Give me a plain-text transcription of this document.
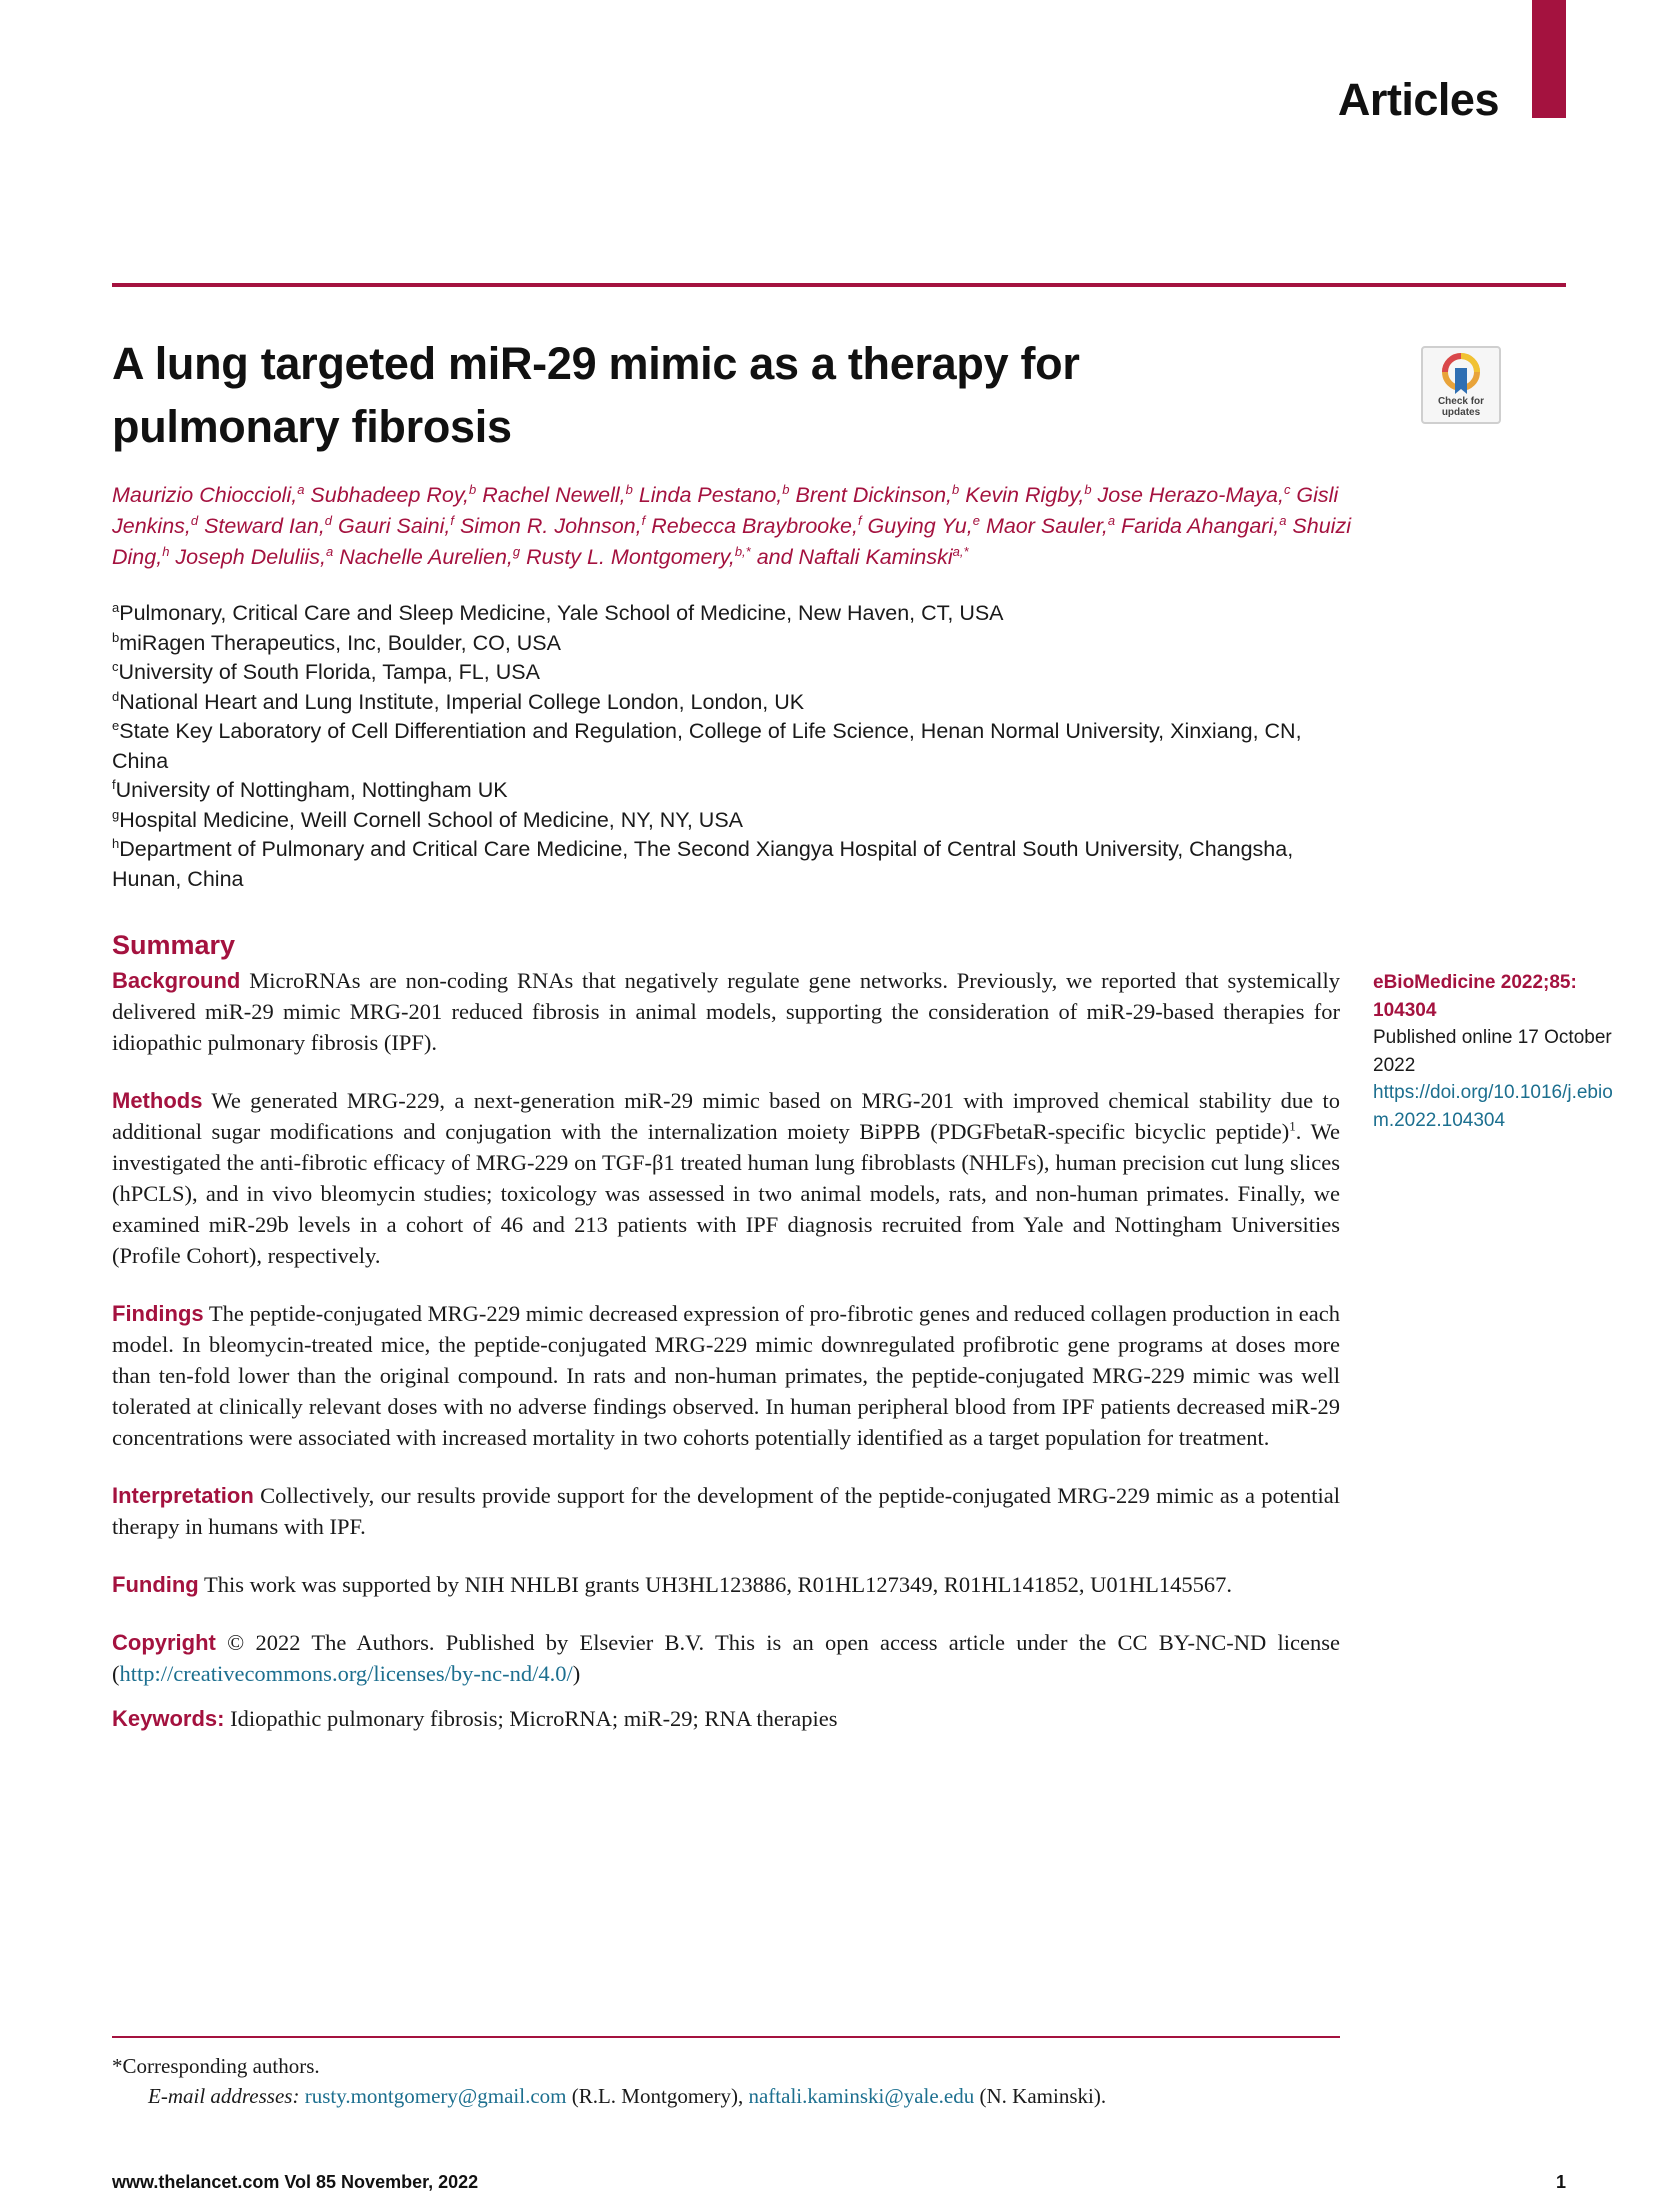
Articles
A lung targeted miR-29 mimic as a therapy for
pulmonary fibrosis	Check for
updates
Maurizio Chioccioli,$^a$ Subhadeep Roy,$^b$ Rachel Newell,$^b$ Linda Pestano,$^b$ Brent Dickinson,$^b$ Kevin Rigby,$^b$ Jose Herazo-Maya,$^c$ Gisli Jenkins,$^d$ Steward Ian,$^d$ Gauri Saini,$^f$ Simon R. Johnson,$^f$ Rebecca Braybrooke,$^f$ Guying Yu,$^e$ Maor Sauler,$^a$ Farida Ahangari,$^a$ Shuizi Ding,$^h$ Joseph Deluliis,$^a$ Nachelle Aurelien,$^g$ Rusty L. Montgomery,$^{b,*}$ and Naftali Kaminski$^{a,*}$
$^a$Pulmonary, Critical Care and Sleep Medicine, Yale School of Medicine, New Haven, CT, USA
$^b$miRagen Therapeutics, Inc, Boulder, CO, USA
$^c$University of South Florida, Tampa, FL, USA
$^d$National Heart and Lung Institute, Imperial College London, London, UK
$^e$State Key Laboratory of Cell Differentiation and Regulation, College of Life Science, Henan Normal University, Xinxiang, CN, China
$^f$University of Nottingham, Nottingham UK
$^g$Hospital Medicine, Weill Cornell School of Medicine, NY, NY, USA
$^h$Department of Pulmonary and Critical Care Medicine, The Second Xiangya Hospital of Central South University, Changsha, Hunan, China
Summary

Background MicroRNAs are non-coding RNAs that negatively regulate gene networks. Previously, we reported that systemically delivered miR-29 mimic MRG-201 reduced fibrosis in animal models, supporting the consideration of miR-29-based therapies for idiopathic pulmonary fibrosis (IPF).

Methods We generated MRG-229, a next-generation miR-29 mimic based on MRG-201 with improved chemical stability due to additional sugar modifications and conjugation with the internalization moiety BiPPB (PDGFbetaR-specific bicyclic peptide)$^1$. We investigated the anti-fibrotic efficacy of MRG-229 on TGF-β1 treated human lung fibroblasts (NHLFs), human precision cut lung slices (hPCLS), and in vivo bleomycin studies; toxicology was assessed in two animal models, rats, and non-human primates. Finally, we examined miR-29b levels in a cohort of 46 and 213 patients with IPF diagnosis recruited from Yale and Nottingham Universities (Profile Cohort), respectively.

Findings The peptide-conjugated MRG-229 mimic decreased expression of pro-fibrotic genes and reduced collagen production in each model. In bleomycin-treated mice, the peptide-conjugated MRG-229 mimic downregulated profibrotic gene programs at doses more than ten-fold lower than the original compound. In rats and non-human primates, the peptide-conjugated MRG-229 mimic was well tolerated at clinically relevant doses with no adverse findings observed. In human peripheral blood from IPF patients decreased miR-29 concentrations were associated with increased mortality in two cohorts potentially identified as a target population for treatment.

Interpretation Collectively, our results provide support for the development of the peptide-conjugated MRG-229 mimic as a potential therapy in humans with IPF.

Funding This work was supported by NIH NHLBI grants UH3HL123886, R01HL127349, R01HL141852, U01HL145567.

Copyright © 2022 The Authors. Published by Elsevier B.V. This is an open access article under the CC BY-NC-ND license (http://creativecommons.org/licenses/by-nc-nd/4.0/)

Keywords: Idiopathic pulmonary fibrosis; MicroRNA; miR-29; RNA therapies

eBioMedicine 2022;85: 104304
Published online 17 October 2022
https://doi.org/10.1016/j.ebiom.2022.104304
*Corresponding authors.
E-mail addresses: rusty.montgomery@gmail.com (R.L. Montgomery), naftali.kaminski@yale.edu (N. Kaminski).
www.thelancet.com Vol 85 November, 2022	1
